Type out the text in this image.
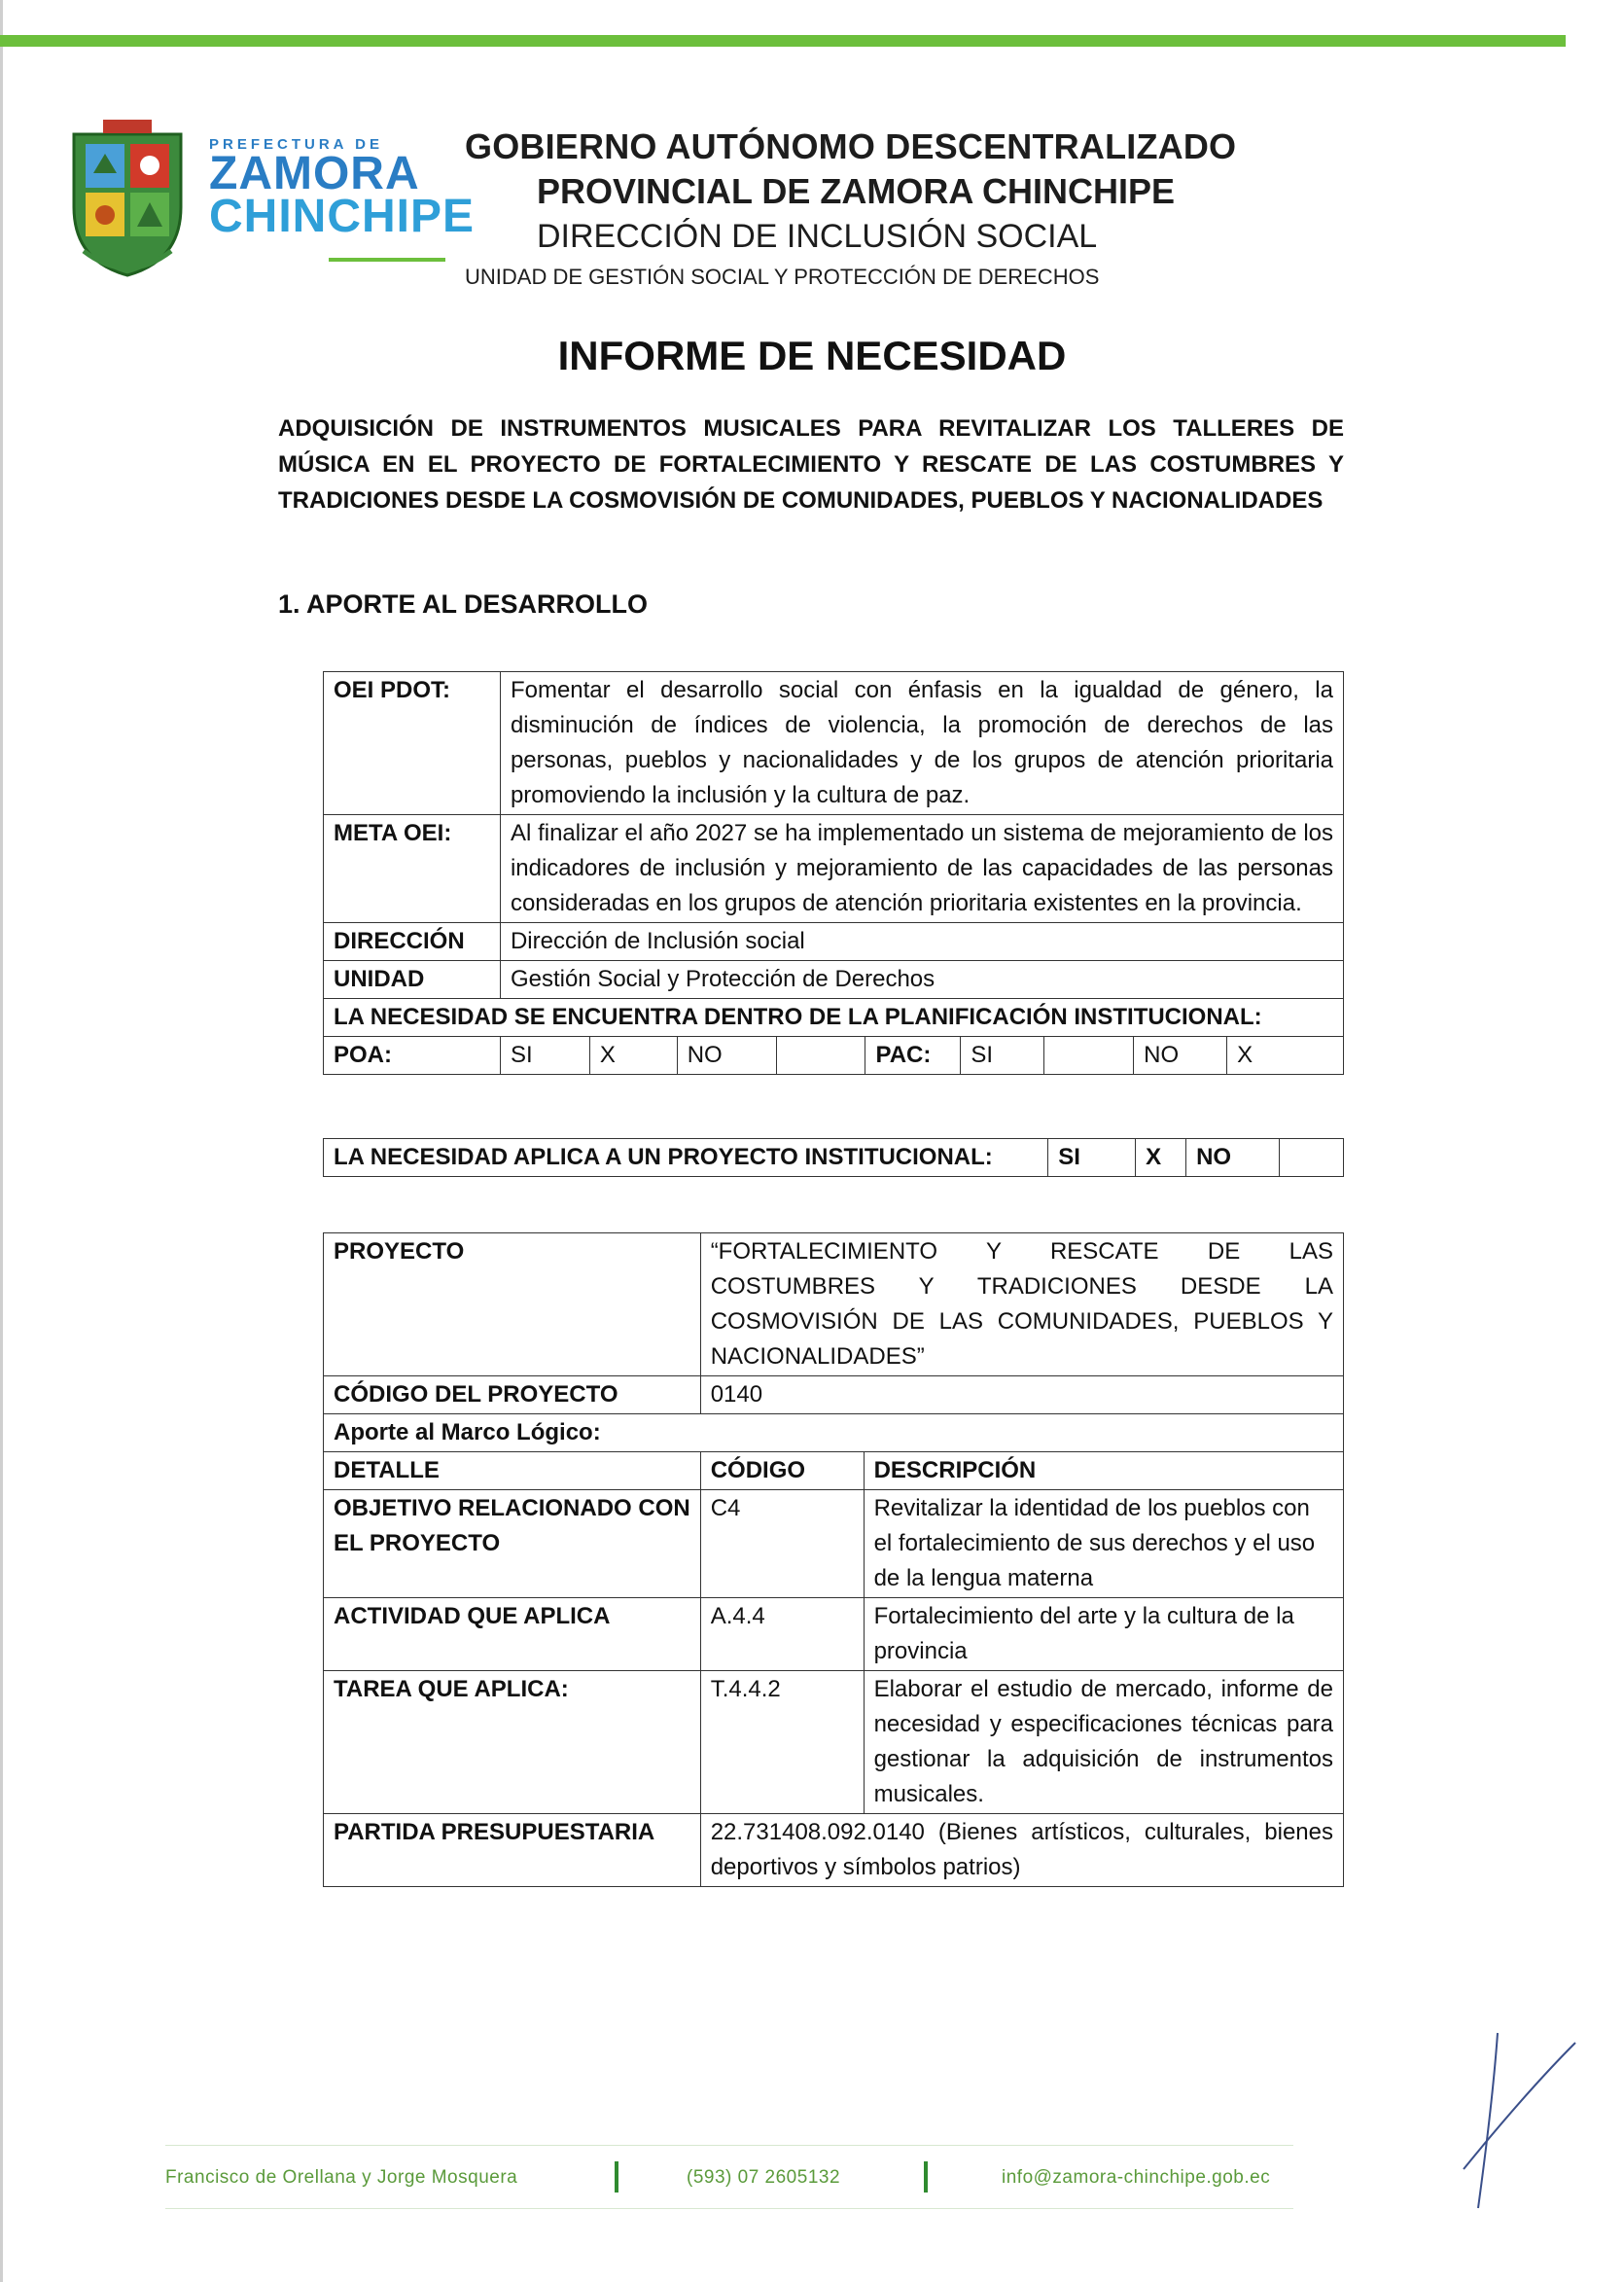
PREFECTURA DE
ZAMORA
CHINCHIPE
GOBIERNO AUTÓNOMO DESCENTRALIZADO
PROVINCIAL DE ZAMORA CHINCHIPE
DIRECCIÓN DE INCLUSIÓN SOCIAL
UNIDAD DE GESTIÓN SOCIAL Y PROTECCIÓN DE DERECHOS
INFORME DE NECESIDAD
ADQUISICIÓN DE INSTRUMENTOS MUSICALES PARA REVITALIZAR LOS TALLERES DE MÚSICA EN EL PROYECTO DE FORTALECIMIENTO Y RESCATE DE LAS COSTUMBRES Y TRADICIONES DESDE LA COSMOVISIÓN DE COMUNIDADES, PUEBLOS Y NACIONALIDADES
1. APORTE AL DESARROLLO
OEI PDOT:	Fomentar el desarrollo social con énfasis en la igualdad de género, la disminución de índices de violencia, la promoción de derechos de las personas, pueblos y nacionalidades y de los grupos de atención prioritaria promoviendo la inclusión y la cultura de paz.								
META OEI:	Al finalizar el año 2027 se ha implementado un sistema de mejoramiento de los indicadores de inclusión y mejoramiento de las capacidades de las personas consideradas en los grupos de atención prioritaria existentes en la provincia.								
DIRECCIÓN	Dirección de Inclusión social								
UNIDAD	Gestión Social y Protección de Derechos								
LA NECESIDAD SE ENCUENTRA DENTRO DE LA PLANIFICACIÓN INSTITUCIONAL:									
POA:	SI	X	NO		PAC:	SI		NO	X
LA NECESIDAD APLICA A UN PROYECTO INSTITUCIONAL:	SI	X	NO	
PROYECTO	“FORTALECIMIENTO Y RESCATE DE LAS COSTUMBRES Y TRADICIONES DESDE LA COSMOVISIÓN DE LAS COMUNIDADES, PUEBLOS Y NACIONALIDADES”	
CÓDIGO DEL PROYECTO	0140	
Aporte al Marco Lógico:		
DETALLE	CÓDIGO	DESCRIPCIÓN
OBJETIVO RELACIONADO CON EL PROYECTO	C4	Revitalizar la identidad de los pueblos con el fortalecimiento de sus derechos y el uso de la lengua materna
ACTIVIDAD QUE APLICA	A.4.4	Fortalecimiento del arte y la cultura de la provincia
TAREA QUE APLICA:	T.4.4.2	Elaborar el estudio de mercado, informe de necesidad y especificaciones técnicas para gestionar la adquisición de instrumentos musicales.
PARTIDA PRESUPUESTARIA	22.731408.092.0140 (Bienes artísticos, culturales, bienes deportivos y símbolos patrios)	
Francisco de Orellana y Jorge Mosquera	(593) 07 2605132	info@zamora-chinchipe.gob.ec
